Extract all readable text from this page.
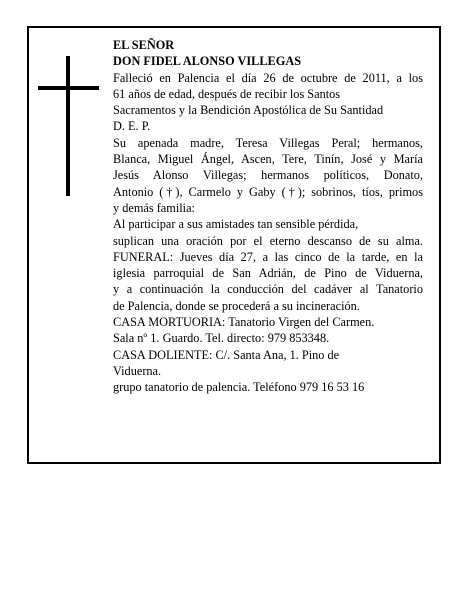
EL SEÑOR
DON FIDEL ALONSO VILLEGAS
Falleció en Palencia el día 26 de octubre de 2011, a los
61 años de edad, después de recibir los Santos
Sacramentos y la Bendición Apostólica de Su Santidad
D. E. P.
Su apenada madre, Teresa Villegas Peral; hermanos,
Blanca, Miguel Ángel, Ascen, Tere, Tinín, José y María
Jesús Alonso Villegas; hermanos políticos, Donato,
Antonio (†), Carmelo y Gaby (†); sobrinos, tíos, primos
y demás familia:
Al participar a sus amistades tan sensible pérdida,
suplican una oración por el eterno descanso de su alma.
FUNERAL: Jueves día 27, a las cinco de la tarde, en la
iglesia parroquial de San Adrián, de Pino de Viduerna,
y a continuación la conducción del cadáver al Tanatorio
de Palencia, donde se procederá a su incineración.
CASA MORTUORIA: Tanatorio Virgen del Carmen.
Sala nº 1. Guardo. Tel. directo: 979 853348.
CASA DOLIENTE: C/. Santa Ana, 1. Pino de
Viduerna.
grupo tanatorio de palencia. Teléfono 979 16 53 16
